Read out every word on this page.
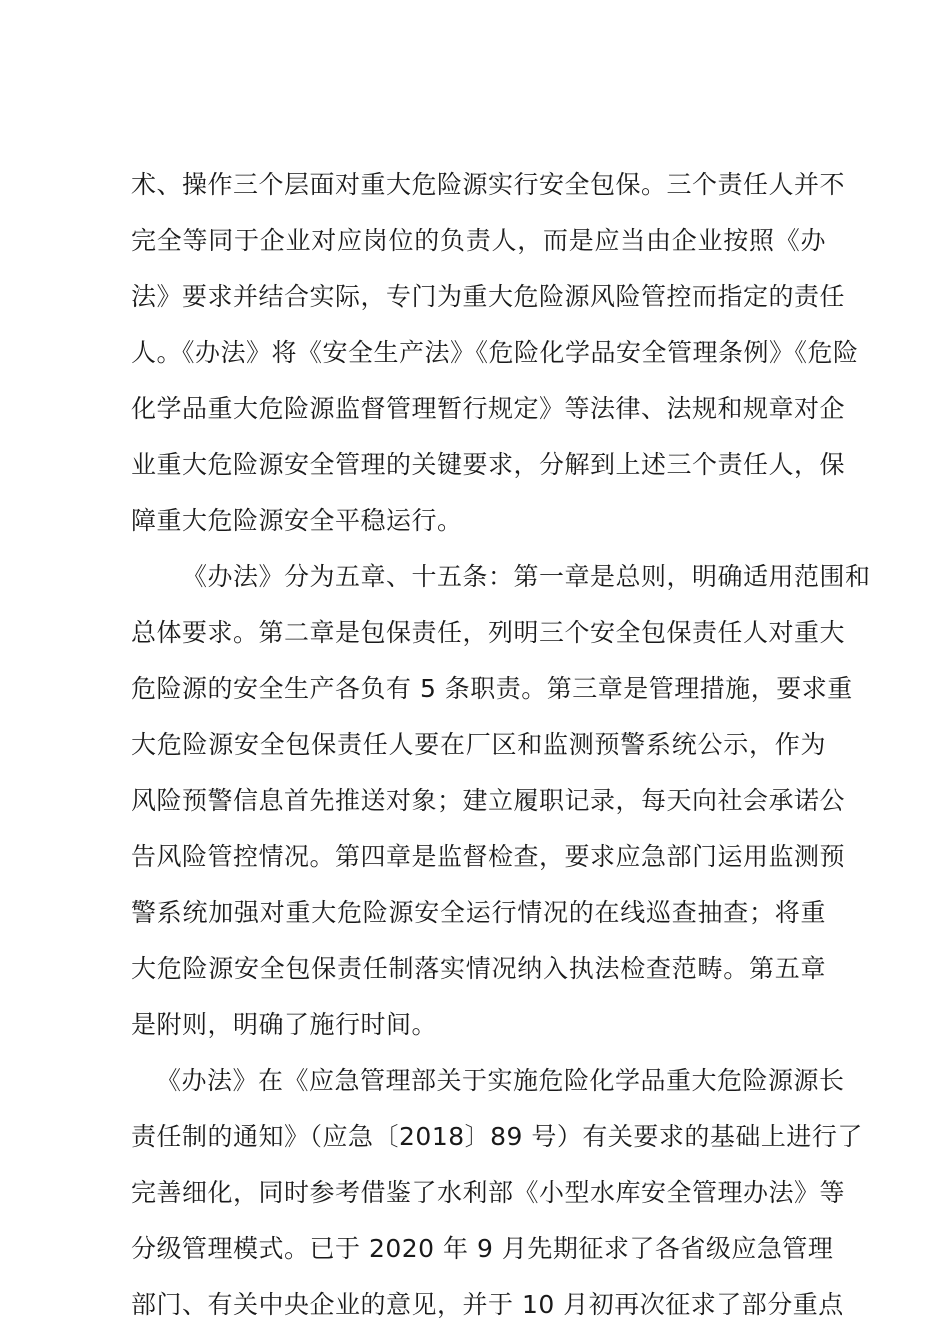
术、操作三个层面对重大危险源实行安全包保。三个责任人并不
完全等同于企业对应岗位的负责人，而是应当由企业按照《办
法》要求并结合实际，专门为重大危险源风险管控而指定的责任
人。《办法》将《安全生产法》《危险化学品安全管理条例》《危险
化学品重大危险源监督管理暂行规定》等法律、法规和规章对企
业重大危险源安全管理的关键要求，分解到上述三个责任人，保
障重大危险源安全平稳运行。
《办法》分为五章、十五条：第一章是总则，明确适用范围和
总体要求。第二章是包保责任，列明三个安全包保责任人对重大
危险源的安全生产各负有 5 条职责。第三章是管理措施，要求重
大危险源安全包保责任人要在厂区和监测预警系统公示，作为
风险预警信息首先推送对象；建立履职记录，每天向社会承诺公
告风险管控情况。第四章是监督检查，要求应急部门运用监测预
警系统加强对重大危险源安全运行情况的在线巡查抽查；将重
大危险源安全包保责任制落实情况纳入执法检查范畴。第五章
是附则，明确了施行时间。
《办法》在《应急管理部关于实施危险化学品重大危险源源长
责任制的通知》（应急〔2018〕89 号）有关要求的基础上进行了
完善细化，同时参考借鉴了水利部《小型水库安全管理办法》等
分级管理模式。已于 2020 年 9 月先期征求了各省级应急管理
部门、有关中央企业的意见，并于 10 月初再次征求了部分重点
